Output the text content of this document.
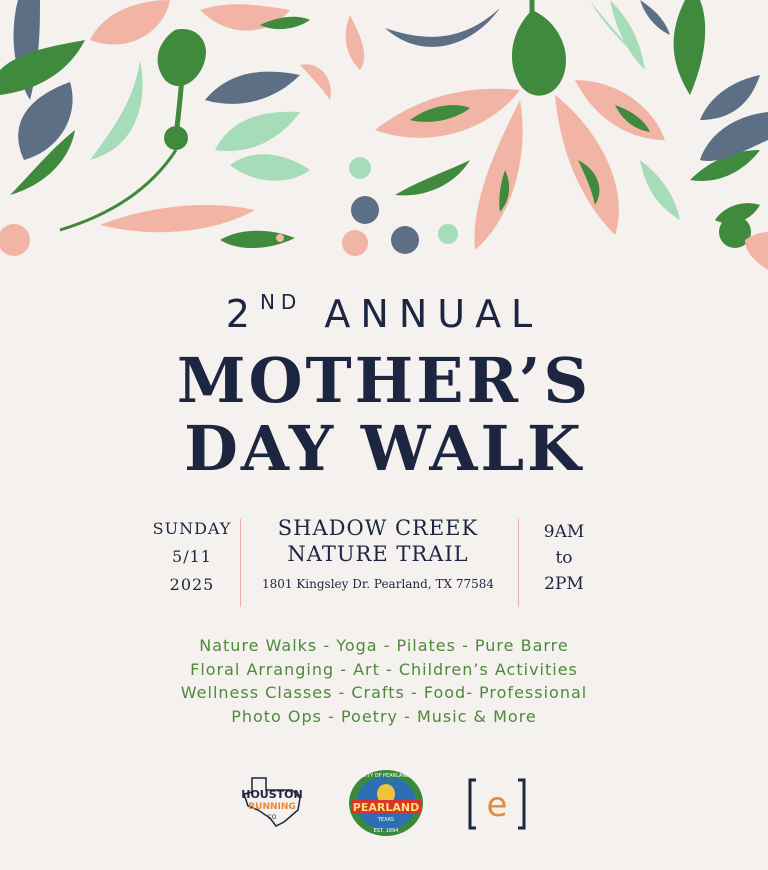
2ND ANNUAL
MOTHER’S
DAY WALK
SUNDAY
5/11
2025
SHADOW CREEK
NATURE TRAIL
1801 Kingsley Dr. Pearland, TX 77584
9AM
to
2PM
Nature Walks - Yoga - Pilates - Pure Barre
Floral Arranging - Art - Children’s Activities
Wellness Classes - Crafts - Food- Professional
Photo Ops - Poetry - Music & More
HOUSTON
RUNNING
CO
PEARLAND
TEXAS
EST. 1894
CITY OF PEARLAND
e
